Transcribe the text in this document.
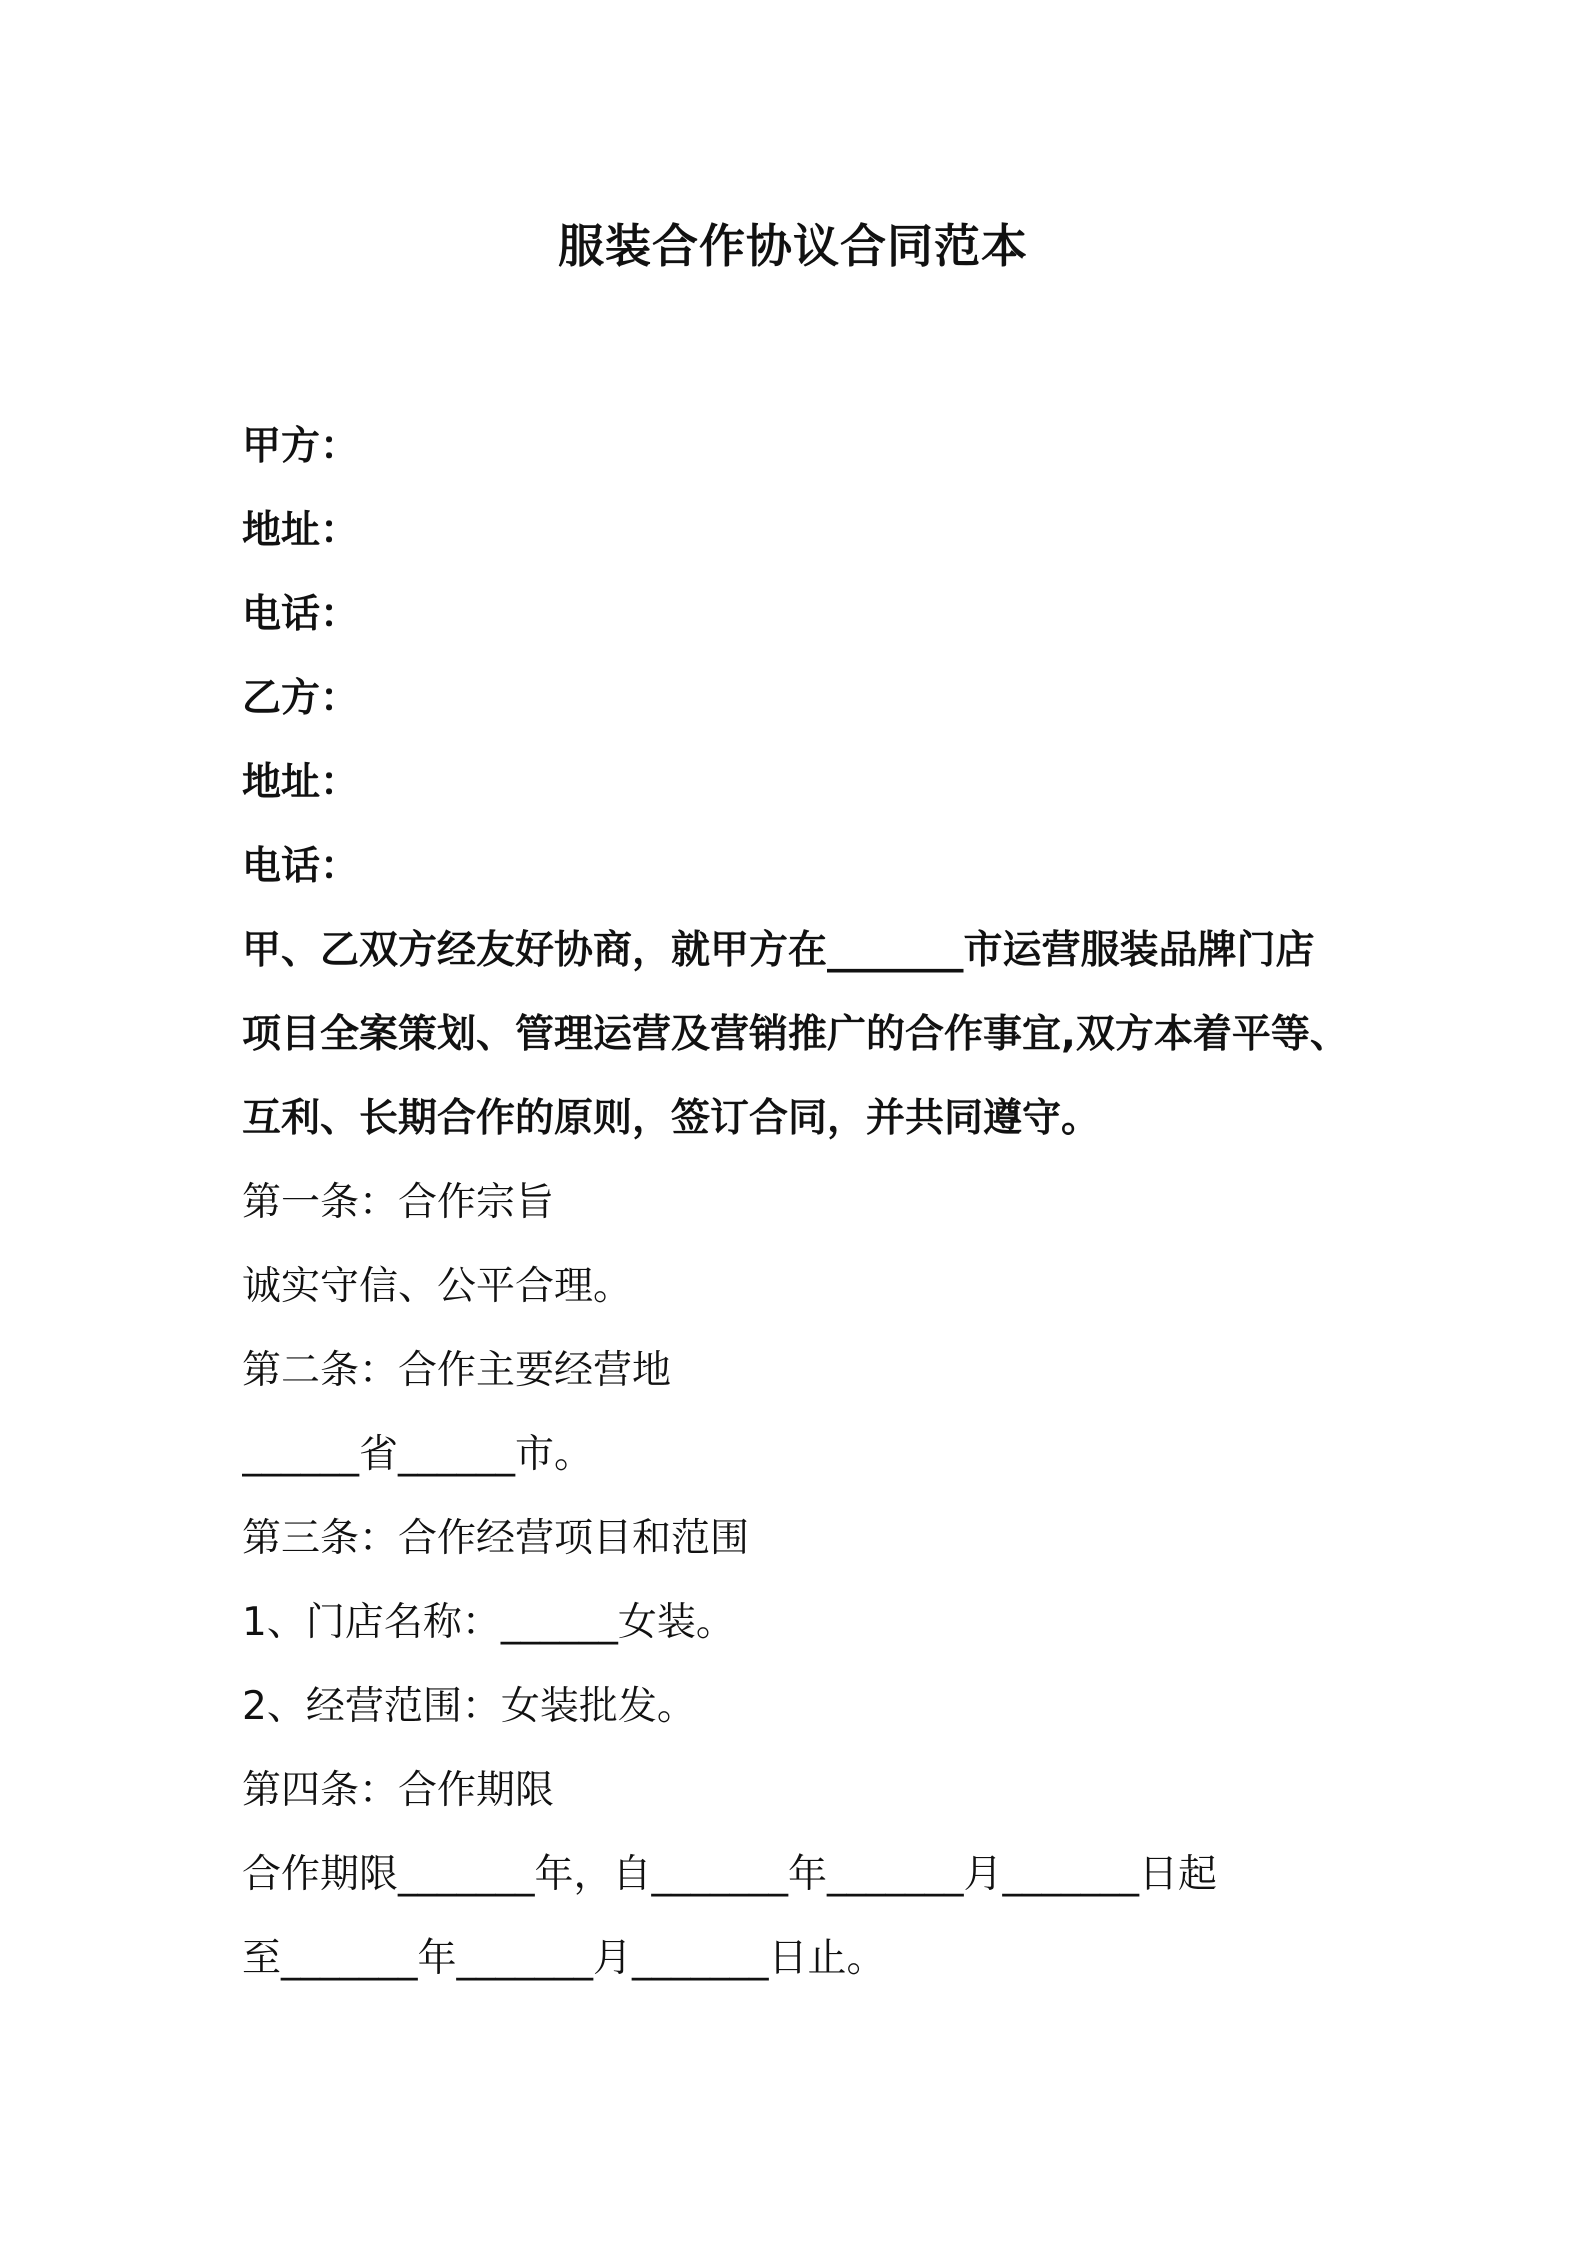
服装合作协议合同范本
甲方：
地址：
电话：
乙方：
地址：
电话：
甲、乙双方经友好协商，就甲方在_______市运营服装品牌门店
项目全案策划、管理运营及营销推广的合作事宜,双方本着平等、
互利、长期合作的原则，签订合同，并共同遵守。
第一条：合作宗旨
诚实守信、公平合理。
第二条：合作主要经营地
______省______市。
第三条：合作经营项目和范围
1、门店名称：______女装。
2、经营范围：女装批发。
第四条：合作期限
合作期限_______年，自_______年_______月_______日起
至_______年_______月_______日止。
